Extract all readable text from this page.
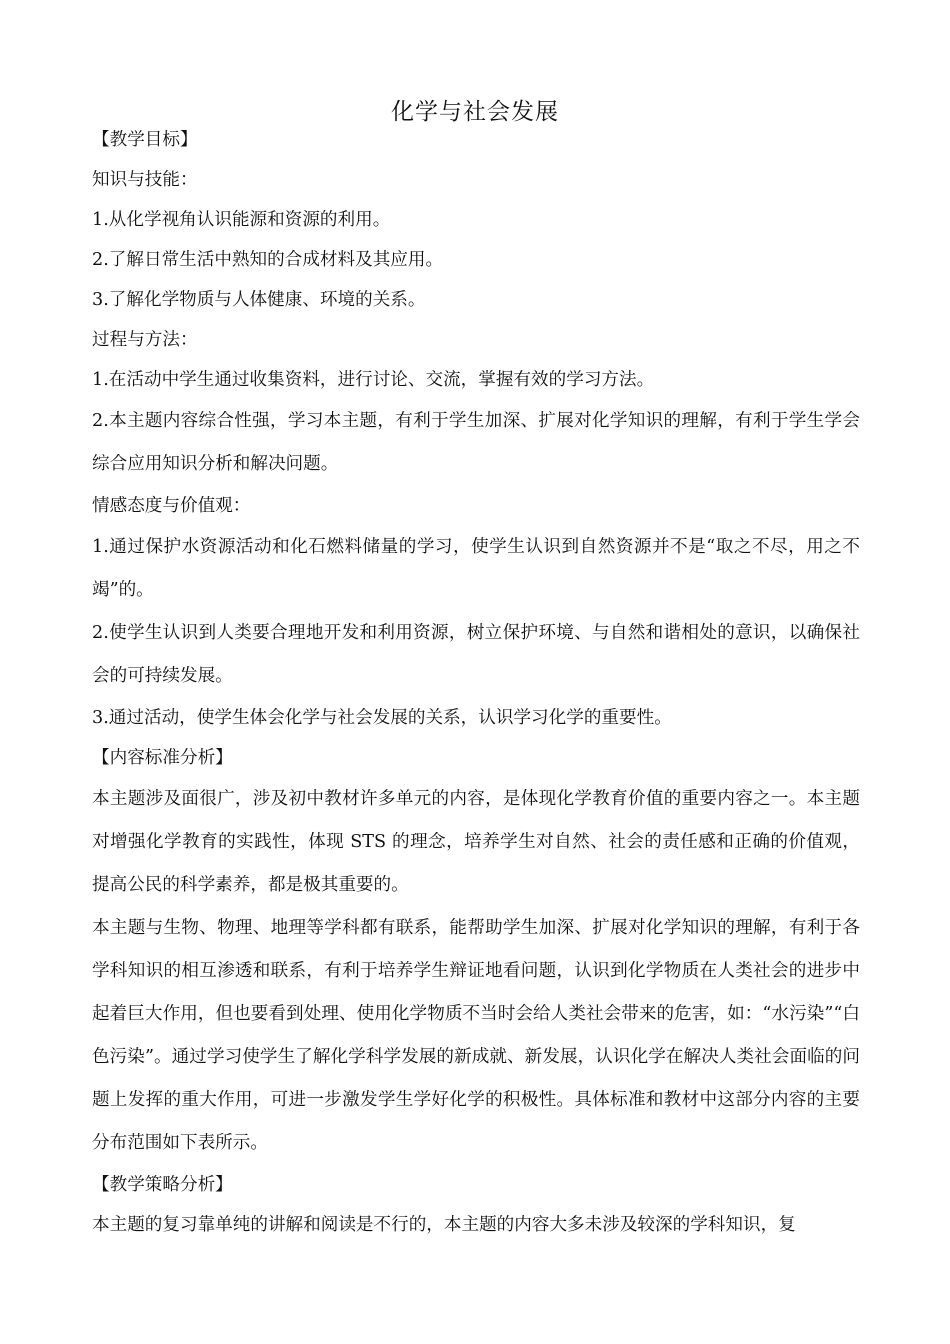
化学与社会发展
【教学目标】
知识与技能：
1.从化学视角认识能源和资源的利用。
2.了解日常生活中熟知的合成材料及其应用。
3.了解化学物质与人体健康、环境的关系。
过程与方法：
1.在活动中学生通过收集资料，进行讨论、交流，掌握有效的学习方法。
2.本主题内容综合性强，学习本主题，有利于学生加深、扩展对化学知识的理解，有利于学生学会综合应用知识分析和解决问题。
情感态度与价值观：
1.通过保护水资源活动和化石燃料储量的学习，使学生认识到自然资源并不是“取之不尽，用之不竭”的。
2.使学生认识到人类要合理地开发和利用资源，树立保护环境、与自然和谐相处的意识，以确保社会的可持续发展。
3.通过活动，使学生体会化学与社会发展的关系，认识学习化学的重要性。
【内容标准分析】
本主题涉及面很广，涉及初中教材许多单元的内容，是体现化学教育价值的重要内容之一。本主题对增强化学教育的实践性，体现 STS 的理念，培养学生对自然、社会的责任感和正确的价值观，提高公民的科学素养，都是极其重要的。
本主题与生物、物理、地理等学科都有联系，能帮助学生加深、扩展对化学知识的理解，有利于各学科知识的相互渗透和联系，有利于培养学生辩证地看问题，认识到化学物质在人类社会的进步中起着巨大作用，但也要看到处理、使用化学物质不当时会给人类社会带来的危害，如：“水污染”“白色污染”。通过学习使学生了解化学科学发展的新成就、新发展，认识化学在解决人类社会面临的问题上发挥的重大作用，可进一步激发学生学好化学的积极性。具体标准和教材中这部分内容的主要分布范围如下表所示。
【教学策略分析】
本主题的复习靠单纯的讲解和阅读是不行的，本主题的内容大多未涉及较深的学科知识，复
